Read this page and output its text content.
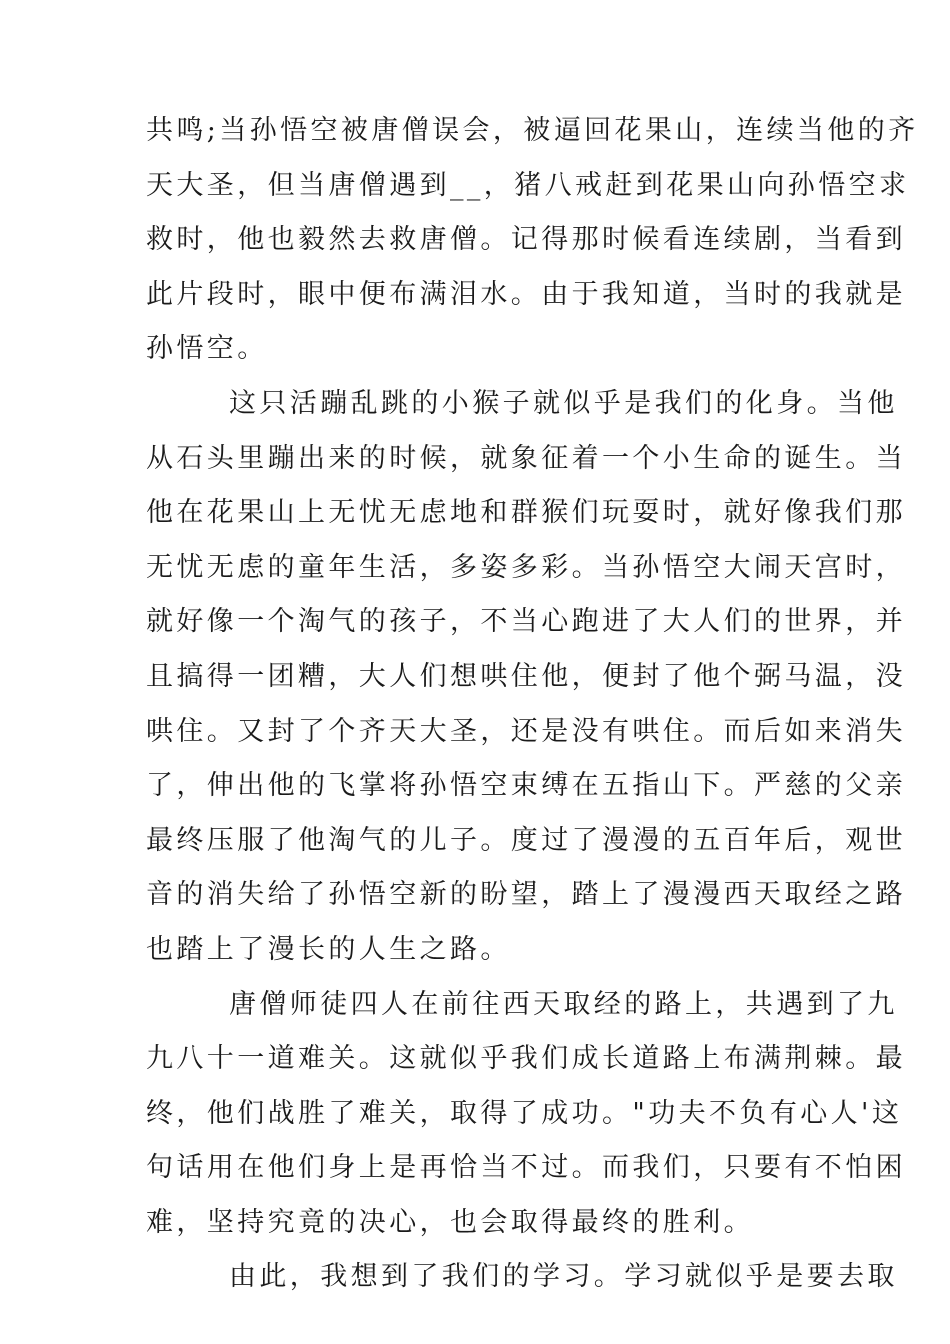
共鸣;当孙悟空被唐僧误会，被逼回花果山，连续当他的齐
天大圣，但当唐僧遇到__，猪八戒赶到花果山向孙悟空求
救时，他也毅然去救唐僧。记得那时候看连续剧，当看到
此片段时，眼中便布满泪水。由于我知道，当时的我就是
孙悟空。
这只活蹦乱跳的小猴子就似乎是我们的化身。当他
从石头里蹦出来的时候，就象征着一个小生命的诞生。当
他在花果山上无忧无虑地和群猴们玩耍时，就好像我们那
无忧无虑的童年生活，多姿多彩。当孙悟空大闹天宫时，
就好像一个淘气的孩子，不当心跑进了大人们的世界，并
且搞得一团糟，大人们想哄住他，便封了他个弼马温，没
哄住。又封了个齐天大圣，还是没有哄住。而后如来消失
了，伸出他的飞掌将孙悟空束缚在五指山下。严慈的父亲
最终压服了他淘气的儿子。度过了漫漫的五百年后，观世
音的消失给了孙悟空新的盼望，踏上了漫漫西天取经之路
也踏上了漫长的人生之路。
唐僧师徒四人在前往西天取经的路上，共遇到了九
九八十一道难关。这就似乎我们成长道路上布满荆棘。最
终，他们战胜了难关，取得了成功。"功夫不负有心人'这
句话用在他们身上是再恰当不过。而我们，只要有不怕困
难，坚持究竟的决心，也会取得最终的胜利。
由此，我想到了我们的学习。学习就似乎是要去取
